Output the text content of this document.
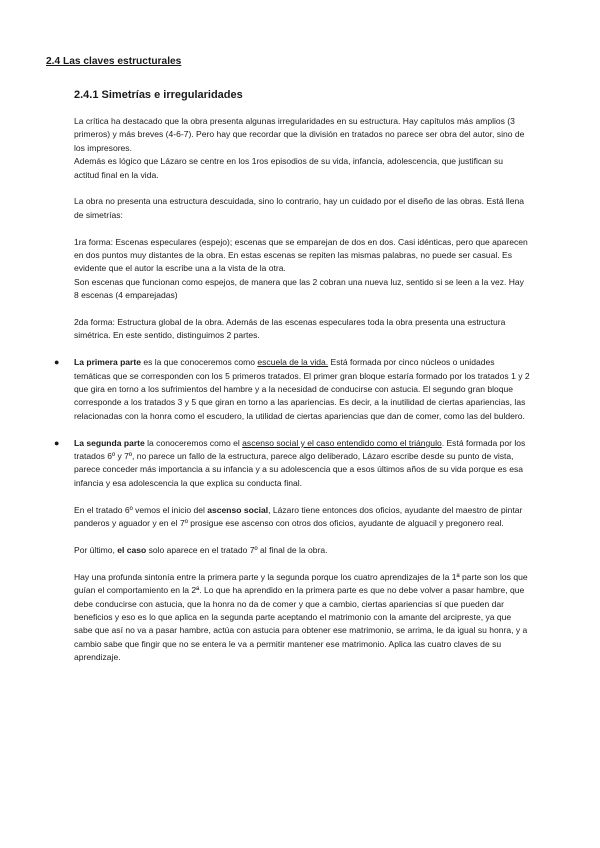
2.4 Las claves estructurales
2.4.1 Simetrías e irregularidades

La crítica ha destacado que la obra presenta algunas irregularidades en su estructura. Hay capítulos más amplios (3 primeros) y más breves (4-6-7). Pero hay que recordar que la división en tratados no parece ser obra del autor, sino de los impresores.

Además es lógico que Lázaro se centre en los 1ros episodios de su vida, infancia, adolescencia, que justifican su actitud final en la vida.

La obra no presenta una estructura descuidada, sino lo contrario, hay un cuidado por el diseño de las obras. Está llena de simetrías:

1ra forma: Escenas especulares (espejo); escenas que se emparejan de dos en dos. Casi idénticas, pero que aparecen en dos puntos muy distantes de la obra. En estas escenas se repiten las mismas palabras, no puede ser casual. Es evidente que el autor la escribe una a la vista de la otra.

Son escenas que funcionan como espejos, de manera que las 2 cobran una nueva luz, sentido si se leen a la vez. Hay 8 escenas (4 emparejadas)

2da forma: Estructura global de la obra. Además de las escenas especulares toda la obra presenta una estructura simétrica. En este sentido, distinguimos 2 partes.

● La primera parte es la que conoceremos como escuela de la vida. Está formada por cinco núcleos o unidades temáticas que se corresponden con los 5 primeros tratados. El primer gran bloque estaría formado por los tratados 1 y 2 que gira en torno a los sufrimientos del hambre y a la necesidad de conducirse con astucia. El segundo gran bloque corresponde a los tratados 3 y 5 que giran en torno a las apariencias. Es decir, a la inutilidad de ciertas apariencias, las relacionadas con la honra como el escudero, la utilidad de ciertas apariencias que dan de comer, como las del buldero.
● La segunda parte la conoceremos como el ascenso social y el caso entendido como el triángulo. Está formada por los tratados 6º y 7º, no parece un fallo de la estructura, parece algo deliberado, Lázaro escribe desde su punto de vista, parece conceder más importancia a su infancia y a su adolescencia que a esos últimos años de su vida porque es esa infancia y esa adolescencia la que explica su conducta final.

En el tratado 6º vemos el inicio del ascenso social, Lázaro tiene entonces dos oficios, ayudante del maestro de pintar panderos y aguador y en el 7º prosigue ese ascenso con otros dos oficios, ayudante de alguacil y pregonero real.

Por último, el caso solo aparece en el tratado 7º al final de la obra.

Hay una profunda sintonía entre la primera parte y la segunda porque los cuatro aprendizajes de la 1ª parte son los que guían el comportamiento en la 2ª. Lo que ha aprendido en la primera parte es que no debe volver a pasar hambre, que debe conducirse con astucia, que la honra no da de comer y que a cambio, ciertas apariencias sí que pueden dar beneficios y eso es lo que aplica en la segunda parte aceptando el matrimonio con la amante del arcipreste, ya que sabe que así no va a pasar hambre, actúa con astucia para obtener ese matrimonio, se arrima, le da igual su honra, y a cambio sabe que fingir que no se entera le va a permitir mantener ese matrimonio. Aplica las cuatro claves de su aprendizaje.
